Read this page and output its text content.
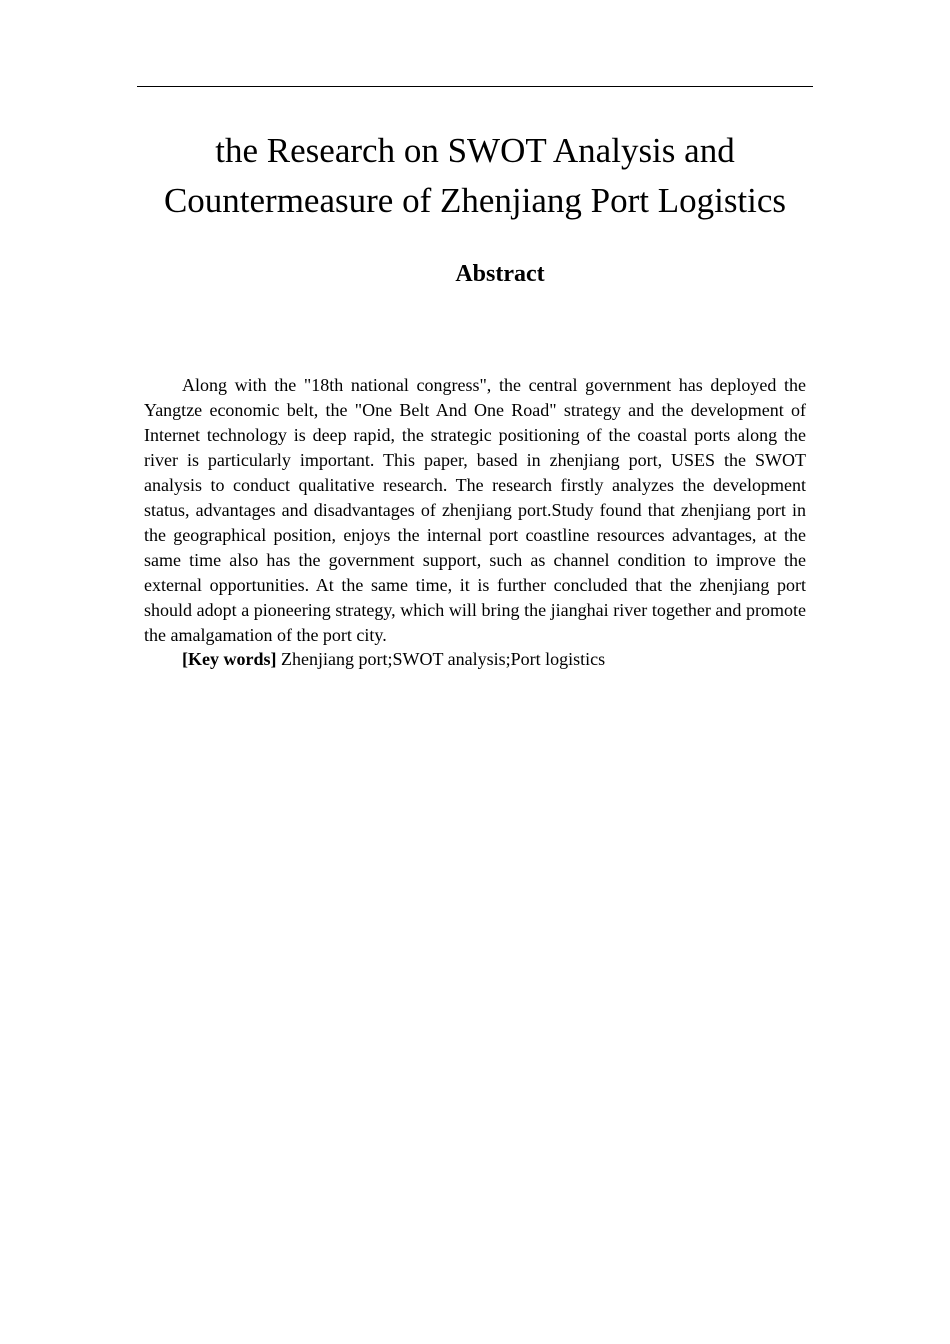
the Research on SWOT Analysis and
Countermeasure of Zhenjiang Port Logistics
Abstract

Along with the "18th national congress", the central government has deployed the Yangtze economic belt, the "One Belt And One Road" strategy and the development of Internet technology is deep rapid, the strategic positioning of the coastal ports along the river is particularly important. This paper, based in zhenjiang port, USES the SWOT analysis to conduct qualitative research. The research firstly analyzes the development status, advantages and disadvantages of zhenjiang port.Study found that zhenjiang port in the geographical position, enjoys the internal port coastline resources advantages, at the same time also has the government support, such as channel condition to improve the external opportunities. At the same time, it is further concluded that the zhenjiang port should adopt a pioneering strategy, which will bring the jianghai river together and promote the amalgamation of the port city.

[Key words] Zhenjiang port;SWOT analysis;Port logistics
